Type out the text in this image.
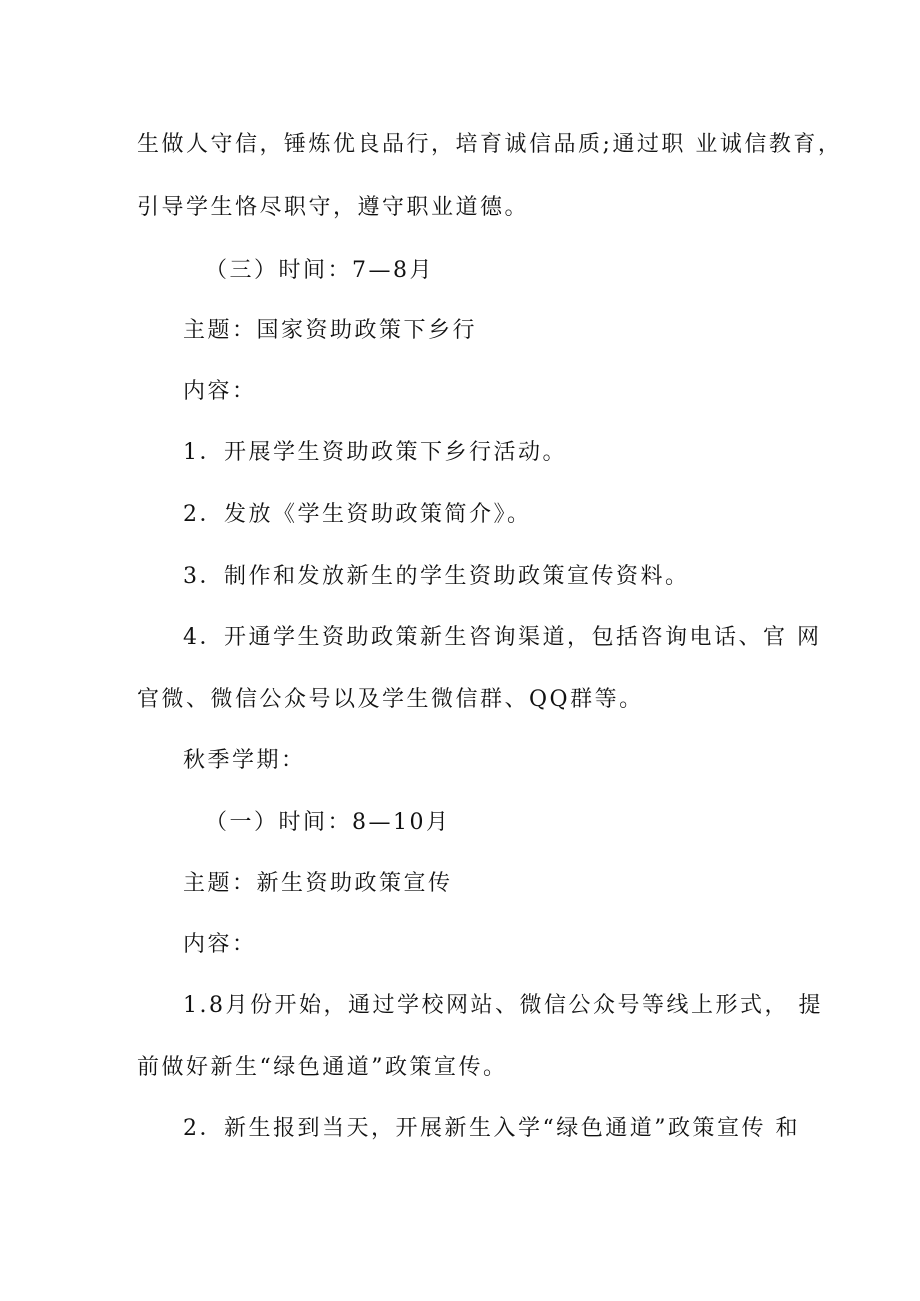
生做人守信，锤炼优良品行，培育诚信品质;通过职 业诚信教育，
引导学生恪尽职守，遵守职业道德。
（三）时间：7—8月
主题：国家资助政策下乡行
内容：
1．开展学生资助政策下乡行活动。
2．发放《学生资助政策简介》。
3．制作和发放新生的学生资助政策宣传资料。
4．开通学生资助政策新生咨询渠道，包括咨询电话、官 网
官微、微信公众号以及学生微信群、QQ群等。
秋季学期：
（一）时间：8—10月
主题：新生资助政策宣传
内容：
1.8月份开始，通过学校网站、微信公众号等线上形式， 提
前做好新生“绿色通道”政策宣传。
2．新生报到当天，开展新生入学“绿色通道”政策宣传 和
